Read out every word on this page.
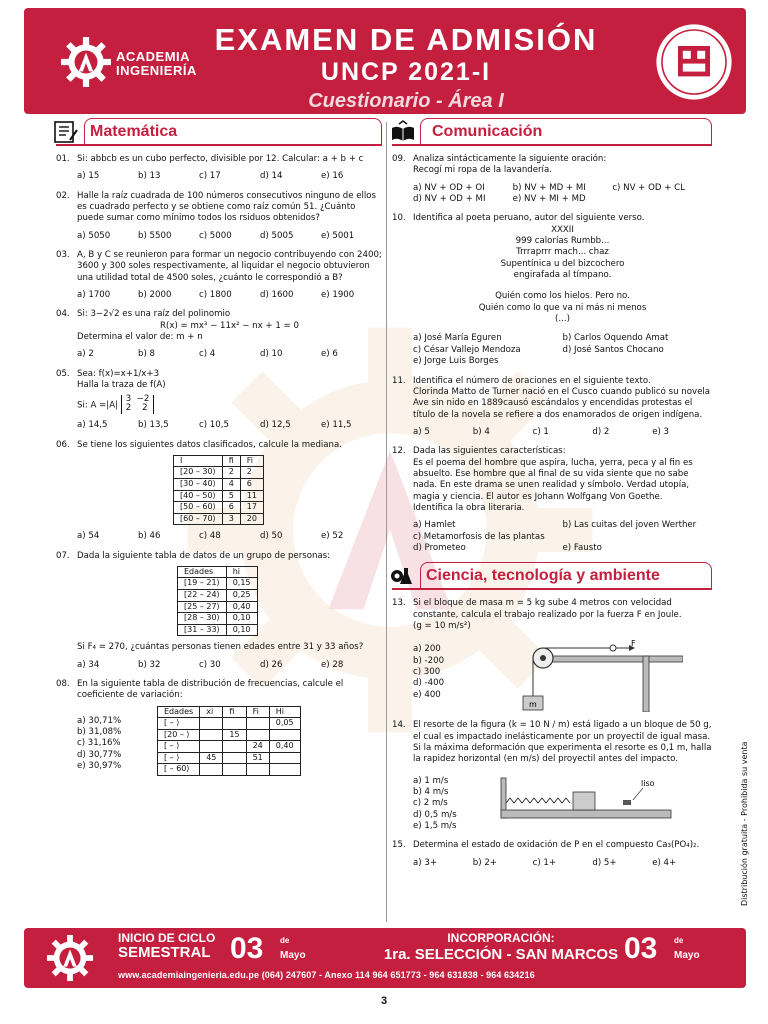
ACADEMIA
INGENIERÍA
EXAMEN DE ADMISIÓN
UNCP 2021-I
Cuestionario - Área I
Matemática
01. Si: abbcb es un cubo perfecto, divisible por 12. Calcular: a + b + c
a) 15	b) 13	c) 17	d) 14	e) 16
02. Halle la raíz cuadrada de 100 números consecutivos ninguno de ellos es cuadrado perfecto y se obtiene como raíz común 51. ¿Cuánto puede sumar como mínimo todos los rsiduos obtenidos?
a) 5050	b) 5500	c) 5000	d) 5005	e) 5001
03. A, B y C se reunieron para formar un negocio contribuyendo con 2400; 3600 y 300 soles respectivamente, al liquidar el negocio obtuvieron una utilidad total de 4500 soles, ¿cuánto le correspondió a B?
a) 1700	b) 2000	c) 1800	d) 1600	e) 1900
04. Si: 3−2√2 es una raíz del polinomio
R(x) = mx³ − 11x² − nx + 1 = 0
Determina el valor de: m + n
a) 2	b) 8	c) 4	d) 10	e) 6
05. Sea: f(x)=x+1/x+3
Halla la traza de f(A)
Si: A =|A| 3 −2
2 2
a) 14,5	b) 13,5	c) 10,5	d) 12,5	e) 11,5
06. Se tiene los siguientes datos clasificados, calcule la mediana.
I	fi	Fi
[20 – 30⟩	2	2
[30 – 40⟩	4	6
[40 – 50⟩	5	11
[50 – 60⟩	6	17
[60 – 70⟩	3	20
a) 54	b) 46	c) 48	d) 50	e) 52
07. Dada la siguiente tabla de datos de un grupo de personas:
Edades	hi
[19 – 21⟩	0,15
[22 – 24⟩	0,25
[25 – 27⟩	0,40
[28 – 30⟩	0,10
[31 – 33⟩	0,10
Si F₄ = 270, ¿cuántas personas tienen edades entre 31 y 33 años?
a) 34	b) 32	c) 30	d) 26	e) 28
08. En la siguiente tabla de distribución de frecuencias, calcule el coeficiente de variación:
a) 30,71%
b) 31,08%
c) 31,16%
d) 30,77%
e) 30,97%
Edades	xi	fi	Fi	Hi
[ – ⟩				0,05
[20 – ⟩		15		
[ – ⟩			24	0,40
[ – ⟩	45		51	
[ – 60⟩				
Comunicación
09. Analiza sintácticamente la siguiente oración:
Recogí mi ropa de la lavandería.
a) NV + OD + OI	b) NV + MD + MI	c) NV + OD + CL
d) NV + OD + MI	e) NV + MI + MD
10. Identifica al poeta peruano, autor del siguiente verso.
XXXII
999 calorías Rumbb...
Trrraprrr mach... chaz
Supentínica u del bizcochero
engirafada al tímpano.
Quién como los hielos. Pero no.
Quién como lo que va ni más ni menos
(...)
a) José María Eguren	b) Carlos Oquendo Amat
c) César Vallejo Mendoza	d) José Santos Chocano
e) Jorge Luis Borges
11. Identifica el número de oraciones en el siguiente texto.
Clorinda Matto de Turner nació en el Cusco cuando publicó su novela Ave sin nido en 1889causó escándalos y encendidas protestas el título de la novela se refiere a dos enamorados de origen indígena.
a) 5	b) 4	c) 1	d) 2	e) 3
12. Dada las siguientes características:
Es el poema del hombre que aspira, lucha, yerra, peca y al fin es absuelto. Ese hombre que al final de su vida siente que no sabe nada. En este drama se unen realidad y símbolo. Verdad utopía, magia y ciencia. El autor es Johann Wolfgang Von Goethe.
Identifica la obra literaria.
a) Hamlet	b) Las cuitas del joven Werther
c) Metamorfosis de las plantas
d) Prometeo	e) Fausto
Ciencia, tecnología y ambiente
13. Si el bloque de masa m = 5 kg sube 4 metros con velocidad constante, calcula el trabajo realizado por la fuerza F en Joule.
(g = 10 m/s²)
a) 200
b) -200
c) 300
d) -400
e) 400
m
F
14. El resorte de la figura (k = 10 N / m) está ligado a un bloque de 50 g, el cual es impactado inelásticamente por un proyectil de igual masa. Si la máxima deformación que experimenta el resorte es 0,1 m, halla la rapidez horizontal (en m/s) del proyectil antes del impacto.
a) 1 m/s
b) 4 m/s
c) 2 m/s
d) 0,5 m/s
e) 1,5 m/s
liso
15. Determina el estado de oxidación de P en el compuesto Ca₃(PO₄)₂.
a) 3+	b) 2+	c) 1+	d) 5+	e) 4+	Distribución gratuita - Prohibida su venta
INICIO DE CICLO
SEMESTRAL 03 de
Mayo
INCORPORACIÓN:
1ra. SELECCIÓN - SAN MARCOS 03 de
Mayo
www.academiaingenieria.edu.pe (064) 247607 - Anexo 114 964 651773 - 964 631838 - 964 634216
3
